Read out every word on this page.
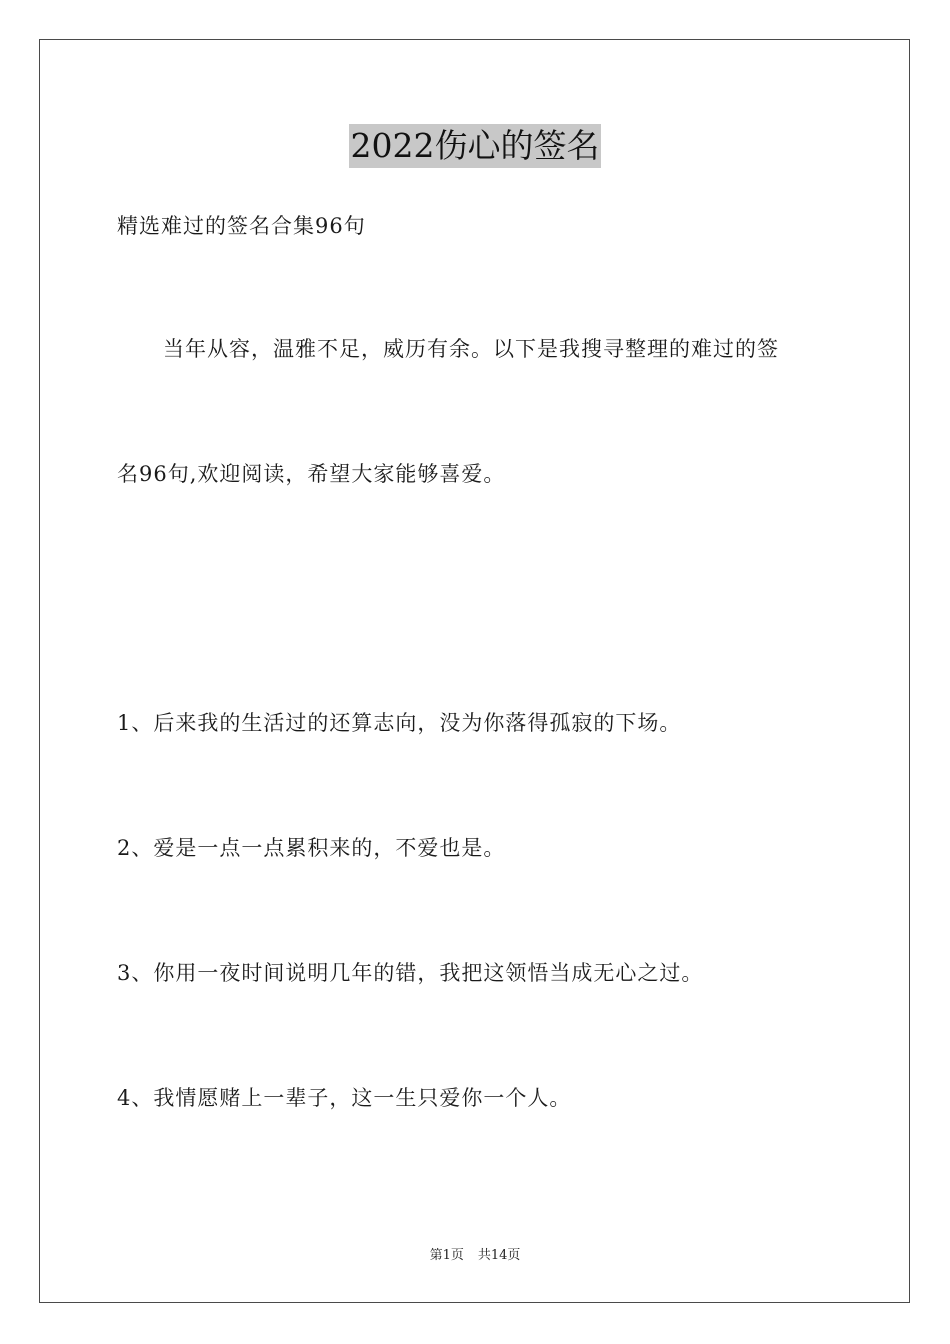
2022伤心的签名
精选难过的签名合集96句
当年从容，温雅不足，威历有余。以下是我搜寻整理的难过的签
名96句,欢迎阅读，希望大家能够喜爱。
1、后来我的生活过的还算志向，没为你落得孤寂的下场。
2、爱是一点一点累积来的，不爱也是。
3、你用一夜时间说明几年的错，我把这领悟当成无心之过。
4、我情愿赌上一辈子，这一生只爱你一个人。
第1页 共14页
